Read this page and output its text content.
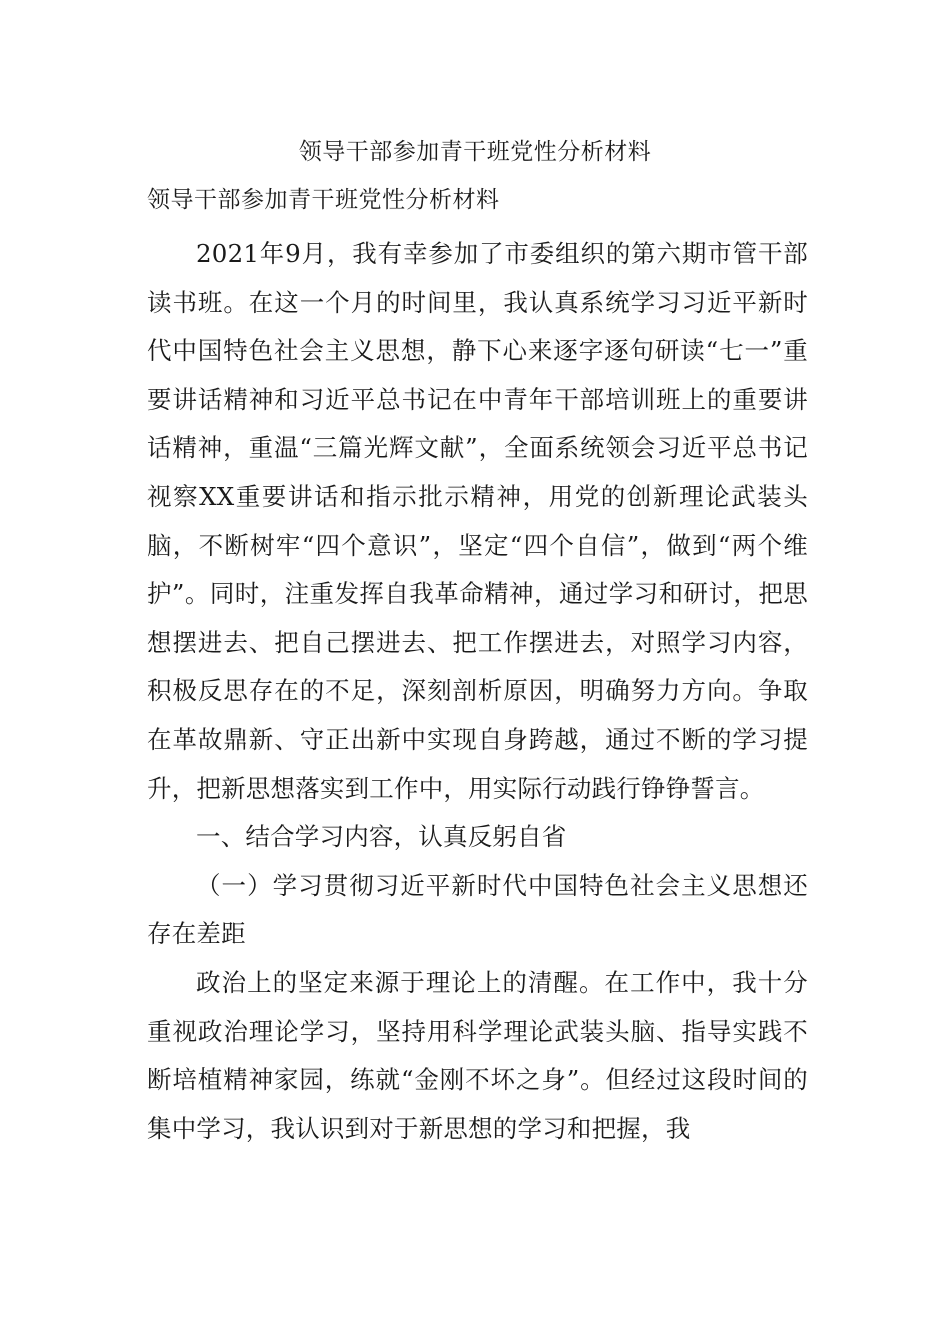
领导干部参加青干班党性分析材料
领导干部参加青干班党性分析材料

2021年9月，我有幸参加了市委组织的第六期市管干部读书班。在这一个月的时间里，我认真系统学习习近平新时代中国特色社会主义思想，静下心来逐字逐句研读“七一”重要讲话精神和习近平总书记在中青年干部培训班上的重要讲话精神，重温“三篇光辉文献”，全面系统领会习近平总书记视察XX重要讲话和指示批示精神，用党的创新理论武装头脑，不断树牢“四个意识”，坚定“四个自信”，做到“两个维护”。同时，注重发挥自我革命精神，通过学习和研讨，把思想摆进去、把自己摆进去、把工作摆进去，对照学习内容，积极反思存在的不足，深刻剖析原因，明确努力方向。争取在革故鼎新、守正出新中实现自身跨越，通过不断的学习提升，把新思想落实到工作中，用实际行动践行铮铮誓言。

一、结合学习内容，认真反躬自省

（一）学习贯彻习近平新时代中国特色社会主义思想还存在差距

政治上的坚定来源于理论上的清醒。在工作中，我十分重视政治理论学习，坚持用科学理论武装头脑、指导实践不断培植精神家园，练就“金刚不坏之身”。但经过这段时间的集中学习，我认识到对于新思想的学习和把握，我
